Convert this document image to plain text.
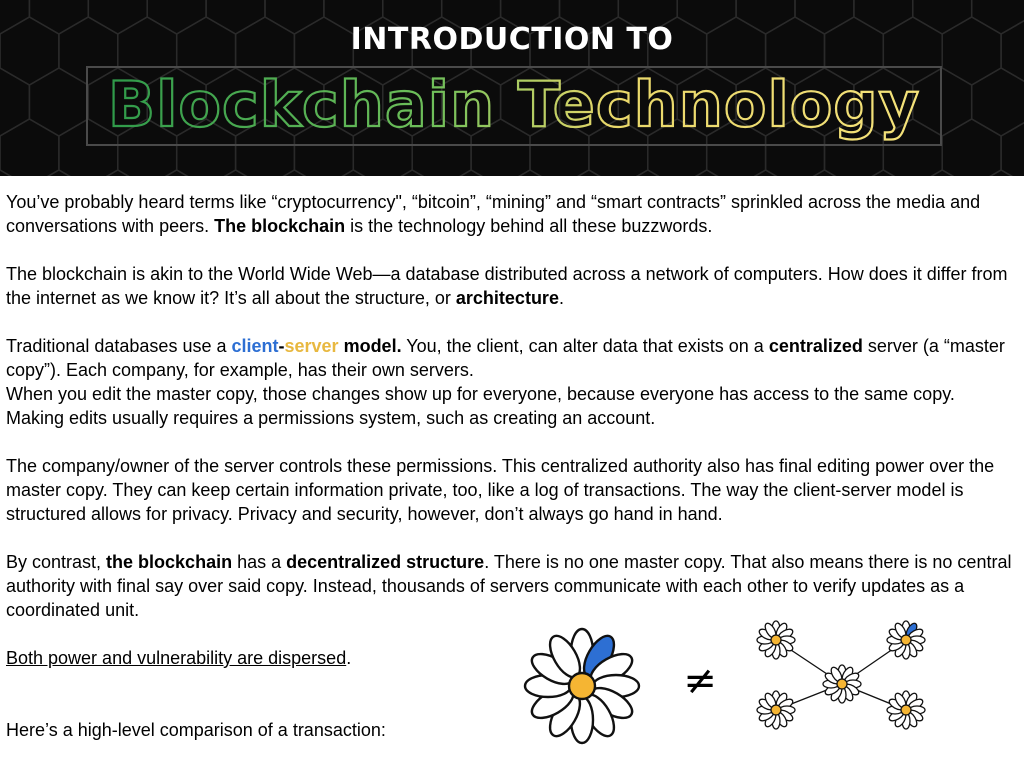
INTRODUCTION TO
Blockchain Technology

You’ve probably heard terms like “cryptocurrency", “bitcoin”, “mining” and “smart contracts” sprinkled across the media and conversations with peers. The blockchain is the technology behind all these buzzwords.

The blockchain is akin to the World Wide Web—a database distributed across a network of computers. How does it differ from the internet as we know it? It’s all about the structure, or architecture.

Traditional databases use a client-server model. You, the client, can alter data that exists on a centralized server (a “master copy”). Each company, for example, has their own servers.
When you edit the master copy, those changes show up for everyone, because everyone has access to the same copy. Making edits usually requires a permissions system, such as creating an account.

The company/owner of the server controls these permissions. This centralized authority also has final editing power over the master copy. They can keep certain information private, too, like a log of transactions. The way the client-server model is structured allows for privacy. Privacy and security, however, don’t always go hand in hand.

By contrast, the blockchain has a decentralized structure. There is no one master copy. That also means there is no central authority with final say over said copy. Instead, thousands of servers communicate with each other to verify updates as a coordinated unit.

Both power and vulnerability are dispersed.

Here’s a high-level comparison of a transaction:

≠
